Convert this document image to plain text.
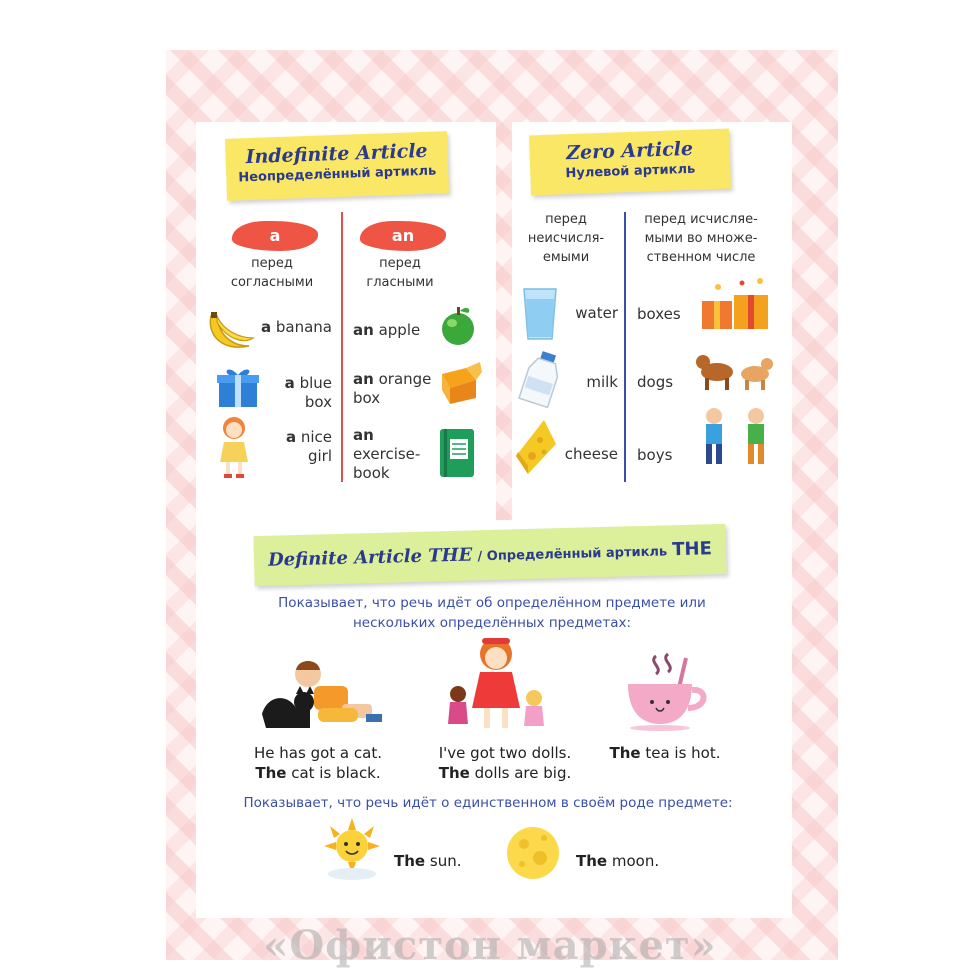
Indefinite Article
Неопределённый артикль
a	an
перед согласными
перед гласными
a banana
a blue box
a nice girl
an apple
an orange box
an exercise-book
Zero Article
Нулевой артикль
перед неисчисля-емыми
перед исчисляе-мыми во множе-ственном числе
water
milk
cheese
boxes
dogs
boys
Definite Article THE / Определённый артикль THE
Показывает, что речь идёт об определённом предмете или нескольких определённых предметах:
He has got a cat.
The cat is black.
I've got two dolls.
The dolls are big.
The tea is hot.
Показывает, что речь идёт о единственном в своём роде предмете:
The sun.	The moon.
«Офистон маркет»
